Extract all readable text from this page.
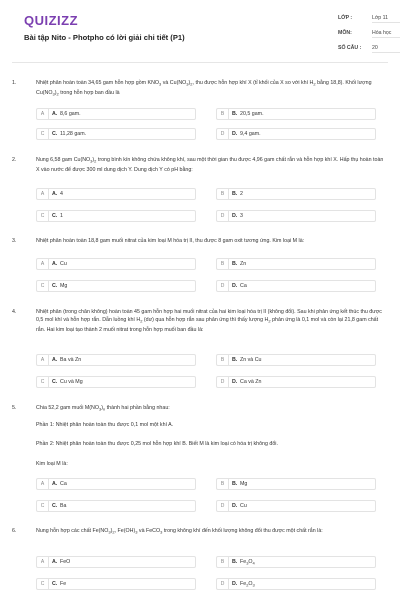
QUIZIZZ
Bài tập Nito - Photpho có lời giải chi tiết (P1)
LỚP :	Lớp 11
MÔN:	Hóa học
SỐ CÂU : 20
1.	Nhiệt phân hoàn toàn 34,65 gam hỗn hợp gồm $KNO_3$ và $Cu(NO_3)_2$, thu được hỗn hợp khí X (tỉ khối của X so với khí $H_2$ bằng 18,8). Khối lượng $Cu(NO_3)_2$ trong hỗn hợp ban đầu là
A	A. 8,6 gam.	B	B. 20,5 gam.
C	C. 11,28 gam.	D	D. 9,4 gam.
2.	Nung 6,58 gam $Cu(NO_3)_2$ trong bình kín không chứa không khí, sau một thời gian thu được 4,96 gam chất rắn và hỗn hợp khí X. Hấp thụ hoàn toàn X vào nước để được 300 ml dung dịch Y. Dung dịch Y có pH bằng:
A	A. 4	B	B. 2
C	C. 1	D	D. 3
3.	Nhiệt phân hoàn toàn 18,8 gam muối nitrat của kim loại M hóa trị II, thu được 8 gam oxit tương ứng. Kim loại M là:
A	A. Cu	B	B. Zn
C	C. Mg	D	D. Ca
4.	Nhiệt phân (trong chân không) hoàn toàn 45 gam hỗn hợp hai muối nitrat của hai kim loại hóa trị II (không đổi). Sau khi phản ứng kết thúc thu được 0,5 mol khí và hỗn hợp rắn. Dẫn luồng khí $H_2$ (dư) qua hỗn hợp rắn sau phản ứng thì thấy lượng $H_2$ phản ứng là 0,1 mol và còn lại 21,8 gam chất rắn. Hai kim loại tạo thành 2 muối nitrat trong hỗn hợp muối ban đầu là:
A	A. Ba và Zn	B	B. Zn và Cu
C	C. Cu và Mg	D	D. Ca và Zn
5.	Chia 52,2 gam muối $M(NO_3)_n$ thành hai phần bằng nhau:
Phần 1: Nhiệt phân hoàn toàn thu được 0,1 mol một khí A.
Phần 2: Nhiệt phân hoàn toàn thu được 0,25 mol hỗn hợp khí B. Biết M là kim loại có hóa trị không đổi.
Kim loại M là:
A	A. Ca	B	B. Mg
C	C. Ba	D	D. Cu
6.	Nung hỗn hợp các chất $Fe(NO_3)_2$, $Fe(OH)_3$ và FeCO$_3$ trong không khí đến khối lượng không đổi thu được một chất rắn là:
A	A. FeO	B	B. $Fe_3O_4$
C	C. Fe	D	D. $Fe_2O_3$
